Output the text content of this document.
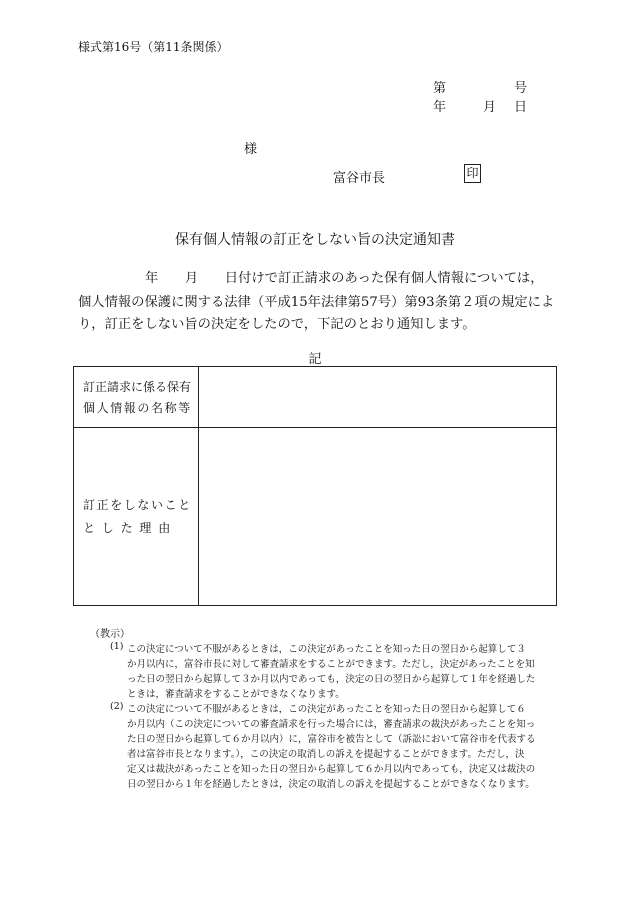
様式第16号（第11条関係）
第	号
年	月 日
様
富谷市長	印
保有個人情報の訂正をしない旨の決定通知書
年　　月　　日付けで訂正請求のあった保有個人情報については，
個人情報の保護に関する法律（平成15年法律第57号）第93条第２項の規定によ
り，訂正をしない旨の決定をしたので，下記のとおり通知します。
記
訂正請求に係る保有
個人情報の名称等
訂正をしないこと
と し た 理 由
（教示）
(1) この決定について不服があるときは，この決定があったことを知った日の翌日から起算して３
か月以内に，富谷市長に対して審査請求をすることができます。ただし，決定があったことを知
った日の翌日から起算して３か月以内であっても，決定の日の翌日から起算して１年を経過した
ときは，審査請求をすることができなくなります。
(2) この決定について不服があるときは，この決定があったことを知った日の翌日から起算して６
か月以内（この決定についての審査請求を行った場合には，審査請求の裁決があったことを知っ
た日の翌日から起算して６か月以内）に，富谷市を被告として（訴訟において富谷市を代表する
者は富谷市長となります。），この決定の取消しの訴えを提起することができます。ただし，決
定又は裁決があったことを知った日の翌日から起算して６か月以内であっても，決定又は裁決の
日の翌日から１年を経過したときは，決定の取消しの訴えを提起することができなくなります。
